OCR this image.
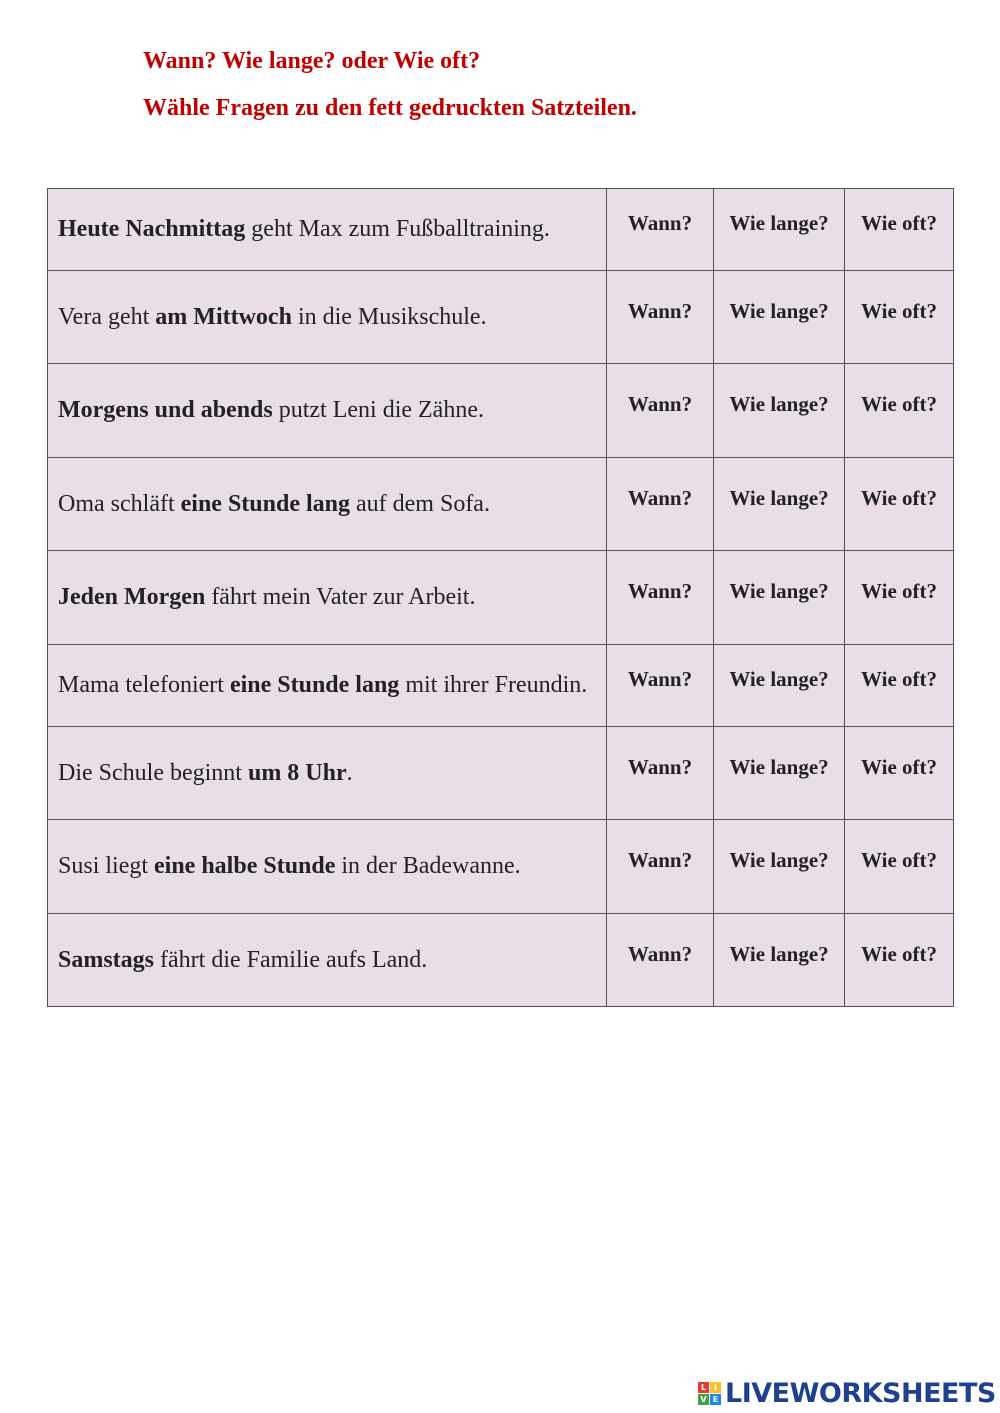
Wann? Wie lange? oder Wie oft?
Wähle Fragen zu den fett gedruckten Satzteilen.
Heute Nachmittag geht Max zum Fußballtraining.	Wann?	Wie lange?	Wie oft?
Vera geht am Mittwoch in die Musikschule.	Wann?	Wie lange?	Wie oft?
Morgens und abends putzt Leni die Zähne.	Wann?	Wie lange?	Wie oft?
Oma schläft eine Stunde lang auf dem Sofa.	Wann?	Wie lange?	Wie oft?
Jeden Morgen fährt mein Vater zur Arbeit.	Wann?	Wie lange?	Wie oft?
Mama telefoniert eine Stunde lang mit ihrer Freundin.	Wann?	Wie lange?	Wie oft?
Die Schule beginnt um 8 Uhr.	Wann?	Wie lange?	Wie oft?
Susi liegt eine halbe Stunde in der Badewanne.	Wann?	Wie lange?	Wie oft?
Samstags fährt die Familie aufs Land.	Wann?	Wie lange?	Wie oft?
L I
V E LIVEWORKSHEETS
